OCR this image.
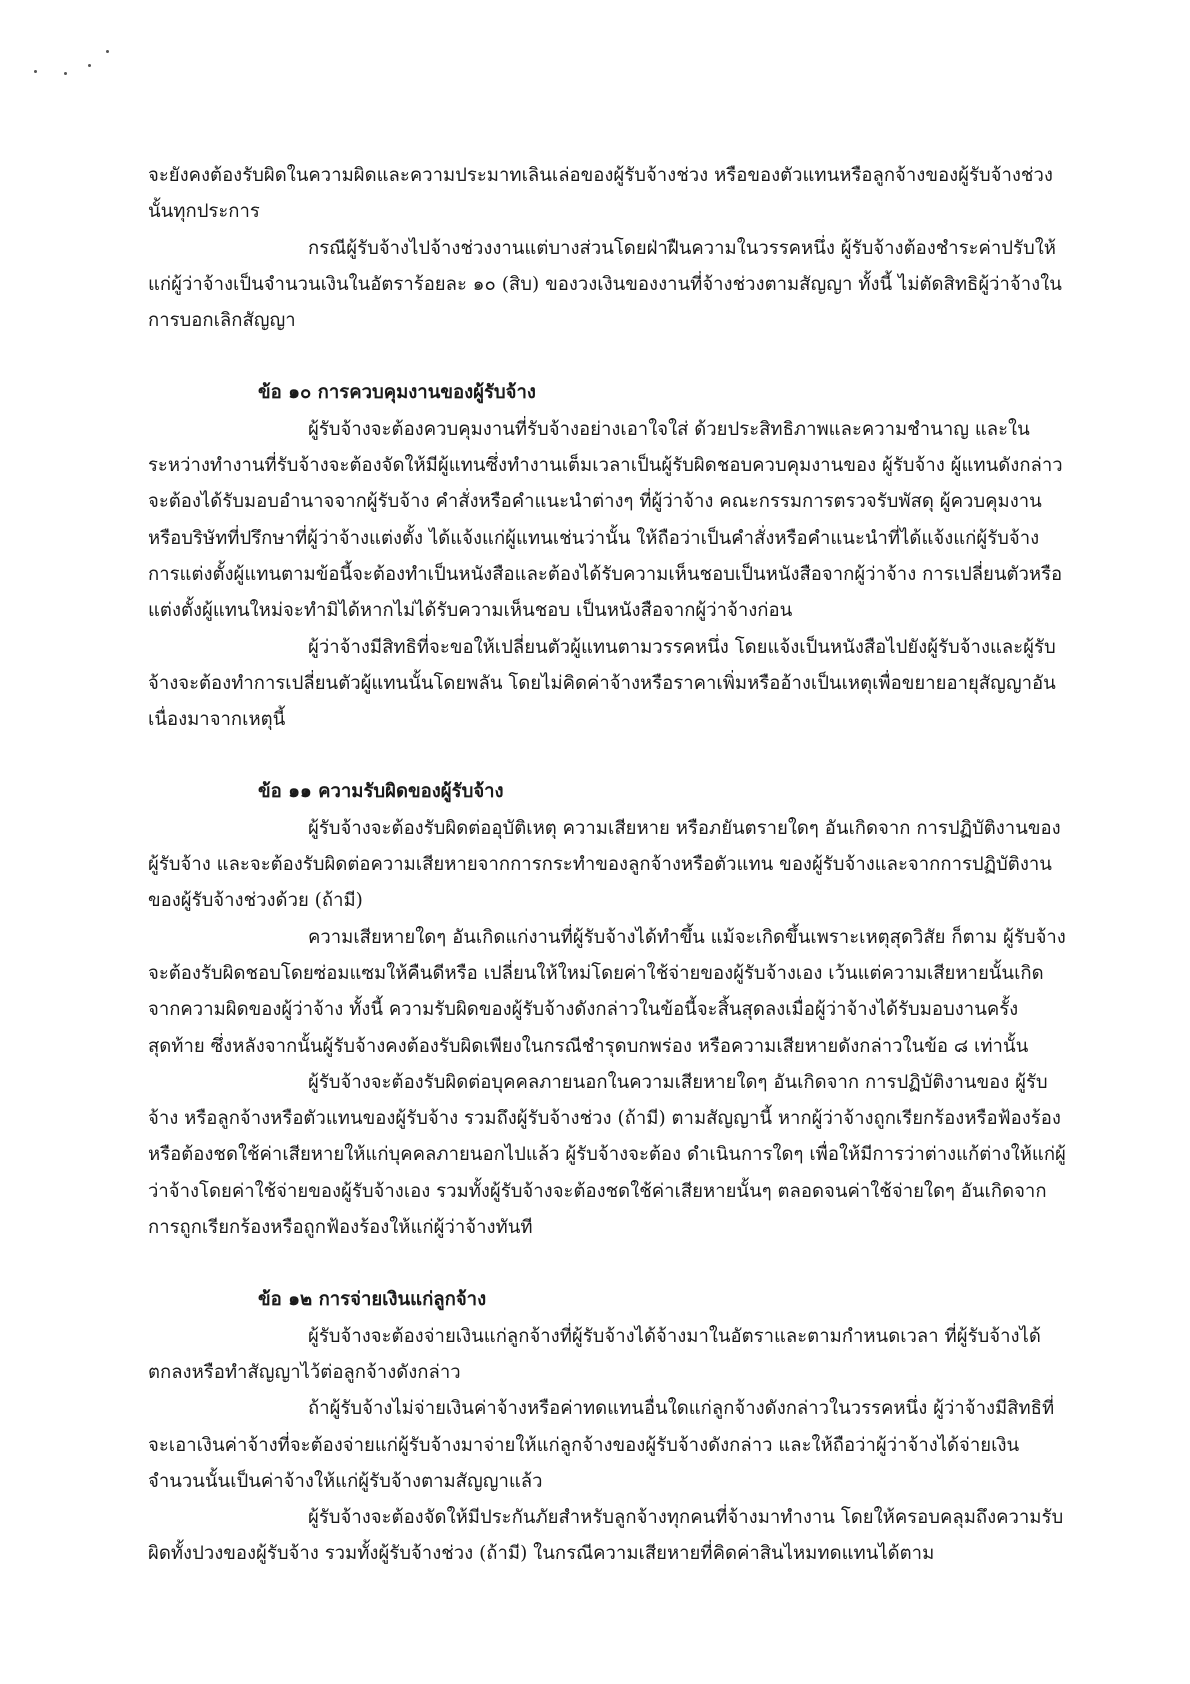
จะยังคงต้องรับผิดในความผิดและความประมาทเลินเล่อของผู้รับจ้างช่วง หรือของตัวแทนหรือลูกจ้างของผู้รับจ้างช่วงนั้นทุกประการ

กรณีผู้รับจ้างไปจ้างช่วงงานแต่บางส่วนโดยฝ่าฝืนความในวรรคหนึ่ง ผู้รับจ้างต้องชำระค่าปรับให้แก่ผู้ว่าจ้างเป็นจำนวนเงินในอัตราร้อยละ ๑๐ (สิบ) ของวงเงินของงานที่จ้างช่วงตามสัญญา ทั้งนี้ ไม่ตัดสิทธิผู้ว่าจ้างในการบอกเลิกสัญญา

ข้อ ๑๐ การควบคุมงานของผู้รับจ้าง

ผู้รับจ้างจะต้องควบคุมงานที่รับจ้างอย่างเอาใจใส่ ด้วยประสิทธิภาพและความชำนาญ และในระหว่างทำงานที่รับจ้างจะต้องจัดให้มีผู้แทนซึ่งทำงานเต็มเวลาเป็นผู้รับผิดชอบควบคุมงานของ ผู้รับจ้าง ผู้แทนดังกล่าวจะต้องได้รับมอบอำนาจจากผู้รับจ้าง คำสั่งหรือคำแนะนำต่างๆ ที่ผู้ว่าจ้าง คณะกรรมการตรวจรับพัสดุ ผู้ควบคุมงาน หรือบริษัทที่ปรึกษาที่ผู้ว่าจ้างแต่งตั้ง ได้แจ้งแก่ผู้แทนเช่นว่านั้น ให้ถือว่าเป็นคำสั่งหรือคำแนะนำที่ได้แจ้งแก่ผู้รับจ้าง การแต่งตั้งผู้แทนตามข้อนี้จะต้องทำเป็นหนังสือและต้องได้รับความเห็นชอบเป็นหนังสือจากผู้ว่าจ้าง การเปลี่ยนตัวหรือแต่งตั้งผู้แทนใหม่จะทำมิได้หากไม่ได้รับความเห็นชอบ เป็นหนังสือจากผู้ว่าจ้างก่อน

ผู้ว่าจ้างมีสิทธิที่จะขอให้เปลี่ยนตัวผู้แทนตามวรรคหนึ่ง โดยแจ้งเป็นหนังสือไปยังผู้รับจ้างและผู้รับจ้างจะต้องทำการเปลี่ยนตัวผู้แทนนั้นโดยพลัน โดยไม่คิดค่าจ้างหรือราคาเพิ่มหรืออ้างเป็นเหตุเพื่อขยายอายุสัญญาอันเนื่องมาจากเหตุนี้

ข้อ ๑๑ ความรับผิดของผู้รับจ้าง

ผู้รับจ้างจะต้องรับผิดต่ออุบัติเหตุ ความเสียหาย หรือภยันตรายใดๆ อันเกิดจาก การปฏิบัติงานของผู้รับจ้าง และจะต้องรับผิดต่อความเสียหายจากการกระทำของลูกจ้างหรือตัวแทน ของผู้รับจ้างและจากการปฏิบัติงานของผู้รับจ้างช่วงด้วย (ถ้ามี)

ความเสียหายใดๆ อันเกิดแก่งานที่ผู้รับจ้างได้ทำขึ้น แม้จะเกิดขึ้นเพราะเหตุสุดวิสัย ก็ตาม ผู้รับจ้างจะต้องรับผิดชอบโดยซ่อมแซมให้คืนดีหรือ เปลี่ยนให้ใหม่โดยค่าใช้จ่ายของผู้รับจ้างเอง เว้นแต่ความเสียหายนั้นเกิดจากความผิดของผู้ว่าจ้าง ทั้งนี้ ความรับผิดของผู้รับจ้างดังกล่าวในข้อนี้จะสิ้นสุดลงเมื่อผู้ว่าจ้างได้รับมอบงานครั้งสุดท้าย ซึ่งหลังจากนั้นผู้รับจ้างคงต้องรับผิดเพียงในกรณีชำรุดบกพร่อง หรือความเสียหายดังกล่าวในข้อ ๘ เท่านั้น

ผู้รับจ้างจะต้องรับผิดต่อบุคคลภายนอกในความเสียหายใดๆ อันเกิดจาก การปฏิบัติงานของ ผู้รับจ้าง หรือลูกจ้างหรือตัวแทนของผู้รับจ้าง รวมถึงผู้รับจ้างช่วง (ถ้ามี) ตามสัญญานี้ หากผู้ว่าจ้างถูกเรียกร้องหรือฟ้องร้องหรือต้องชดใช้ค่าเสียหายให้แก่บุคคลภายนอกไปแล้ว ผู้รับจ้างจะต้อง ดำเนินการใดๆ เพื่อให้มีการว่าต่างแก้ต่างให้แก่ผู้ว่าจ้างโดยค่าใช้จ่ายของผู้รับจ้างเอง รวมทั้งผู้รับจ้างจะต้องชดใช้ค่าเสียหายนั้นๆ ตลอดจนค่าใช้จ่ายใดๆ อันเกิดจากการถูกเรียกร้องหรือถูกฟ้องร้องให้แก่ผู้ว่าจ้างทันที

ข้อ ๑๒ การจ่ายเงินแก่ลูกจ้าง

ผู้รับจ้างจะต้องจ่ายเงินแก่ลูกจ้างที่ผู้รับจ้างได้จ้างมาในอัตราและตามกำหนดเวลา ที่ผู้รับจ้างได้ตกลงหรือทำสัญญาไว้ต่อลูกจ้างดังกล่าว

ถ้าผู้รับจ้างไม่จ่ายเงินค่าจ้างหรือค่าทดแทนอื่นใดแก่ลูกจ้างดังกล่าวในวรรคหนึ่ง ผู้ว่าจ้างมีสิทธิที่จะเอาเงินค่าจ้างที่จะต้องจ่ายแก่ผู้รับจ้างมาจ่ายให้แก่ลูกจ้างของผู้รับจ้างดังกล่าว และให้ถือว่าผู้ว่าจ้างได้จ่ายเงินจำนวนนั้นเป็นค่าจ้างให้แก่ผู้รับจ้างตามสัญญาแล้ว

ผู้รับจ้างจะต้องจัดให้มีประกันภัยสำหรับลูกจ้างทุกคนที่จ้างมาทำงาน โดยให้ครอบคลุมถึงความรับผิดทั้งปวงของผู้รับจ้าง รวมทั้งผู้รับจ้างช่วง (ถ้ามี) ในกรณีความเสียหายที่คิดค่าสินไหมทดแทนได้ตาม
